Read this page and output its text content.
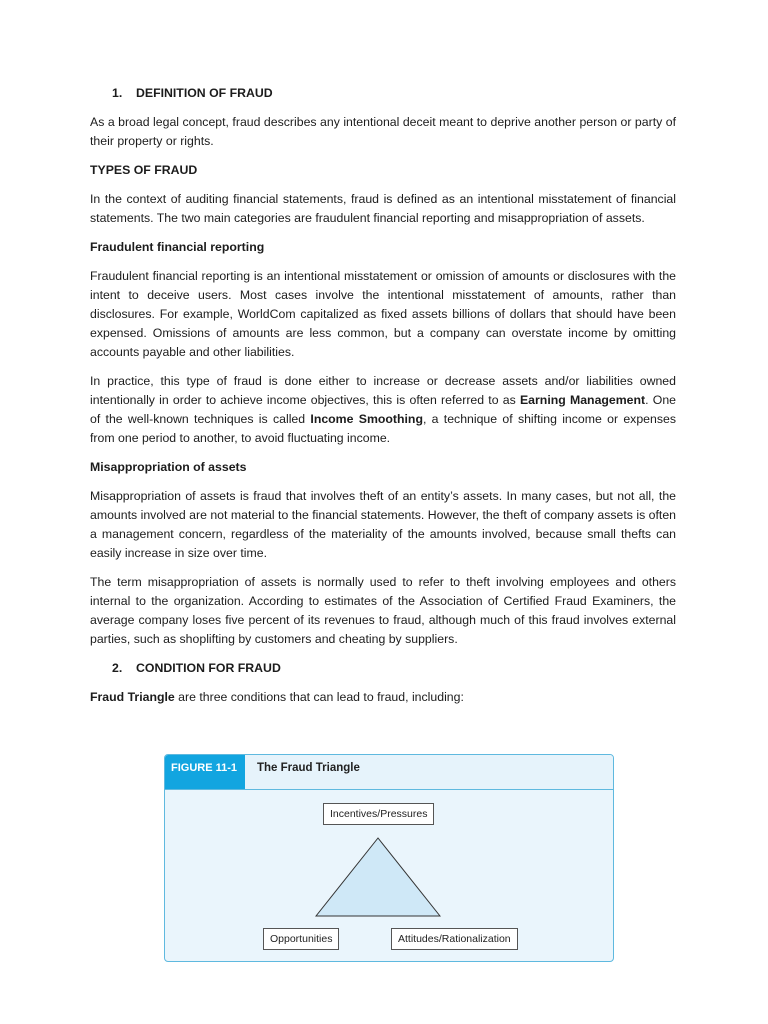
1. DEFINITION OF FRAUD

As a broad legal concept, fraud describes any intentional deceit meant to deprive another person or party of their property or rights.

TYPES OF FRAUD

In the context of auditing financial statements, fraud is defined as an intentional misstatement of financial statements. The two main categories are fraudulent financial reporting and misappropriation of assets.

Fraudulent financial reporting

Fraudulent financial reporting is an intentional misstatement or omission of amounts or disclosures with the intent to deceive users. Most cases involve the intentional misstatement of amounts, rather than disclosures. For example, WorldCom capitalized as fixed assets billions of dollars that should have been expensed. Omissions of amounts are less common, but a company can overstate income by omitting accounts payable and other liabilities.

In practice, this type of fraud is done either to increase or decrease assets and/or liabilities owned intentionally in order to achieve income objectives, this is often referred to as Earning Management. One of the well-known techniques is called Income Smoothing, a technique of shifting income or expenses from one period to another, to avoid fluctuating income.

Misappropriation of assets

Misappropriation of assets is fraud that involves theft of an entity’s assets. In many cases, but not all, the amounts involved are not material to the financial statements. However, the theft of company assets is often a management concern, regardless of the materiality of the amounts involved, because small thefts can easily increase in size over time.

The term misappropriation of assets is normally used to refer to theft involving employees and others internal to the organization. According to estimates of the Association of Certified Fraud Examiners, the average company loses five percent of its revenues to fraud, although much of this fraud involves external parties, such as shoplifting by customers and cheating by suppliers.

2. CONDITION FOR FRAUD

Fraud Triangle are three conditions that can lead to fraud, including:

FIGURE 11-1	The Fraud Triangle
Incentives/Pressures
Opportunities	Attitudes/Rationalization
